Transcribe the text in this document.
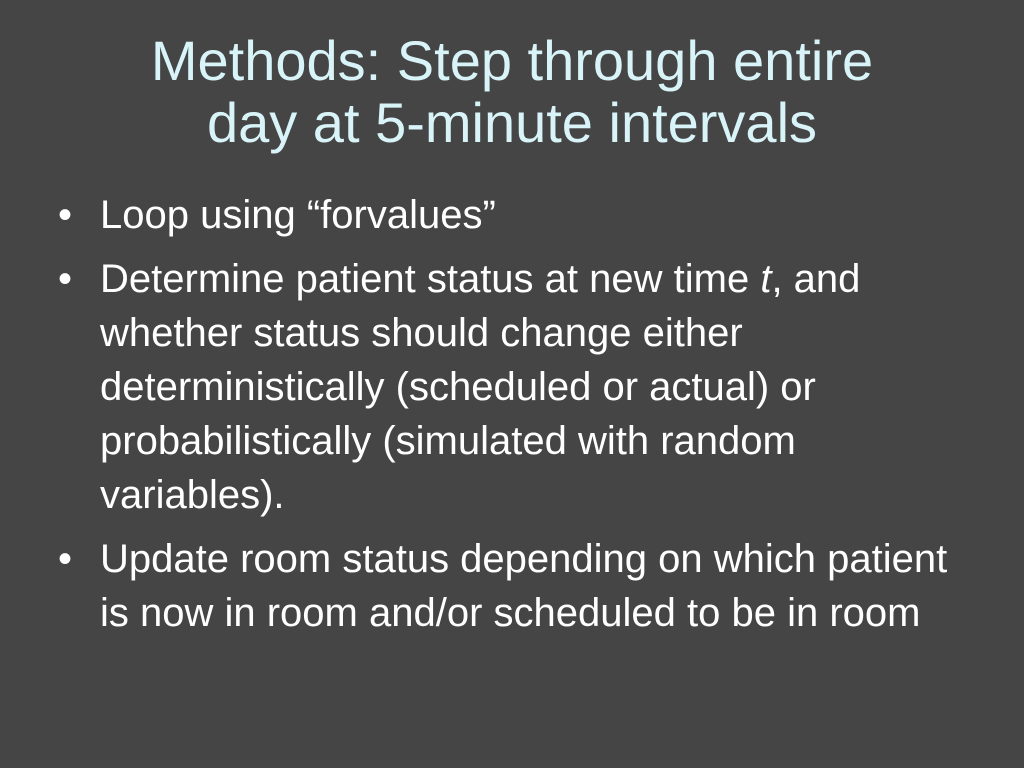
Methods: Step through entire
day at 5-minute intervals
• Loop using “forvalues”
• Determine patient status at new time t, and whether status should change either deterministically (scheduled or actual) or probabilistically (simulated with random variables).
• Update room status depending on which patient is now in room and/or scheduled to be in room
